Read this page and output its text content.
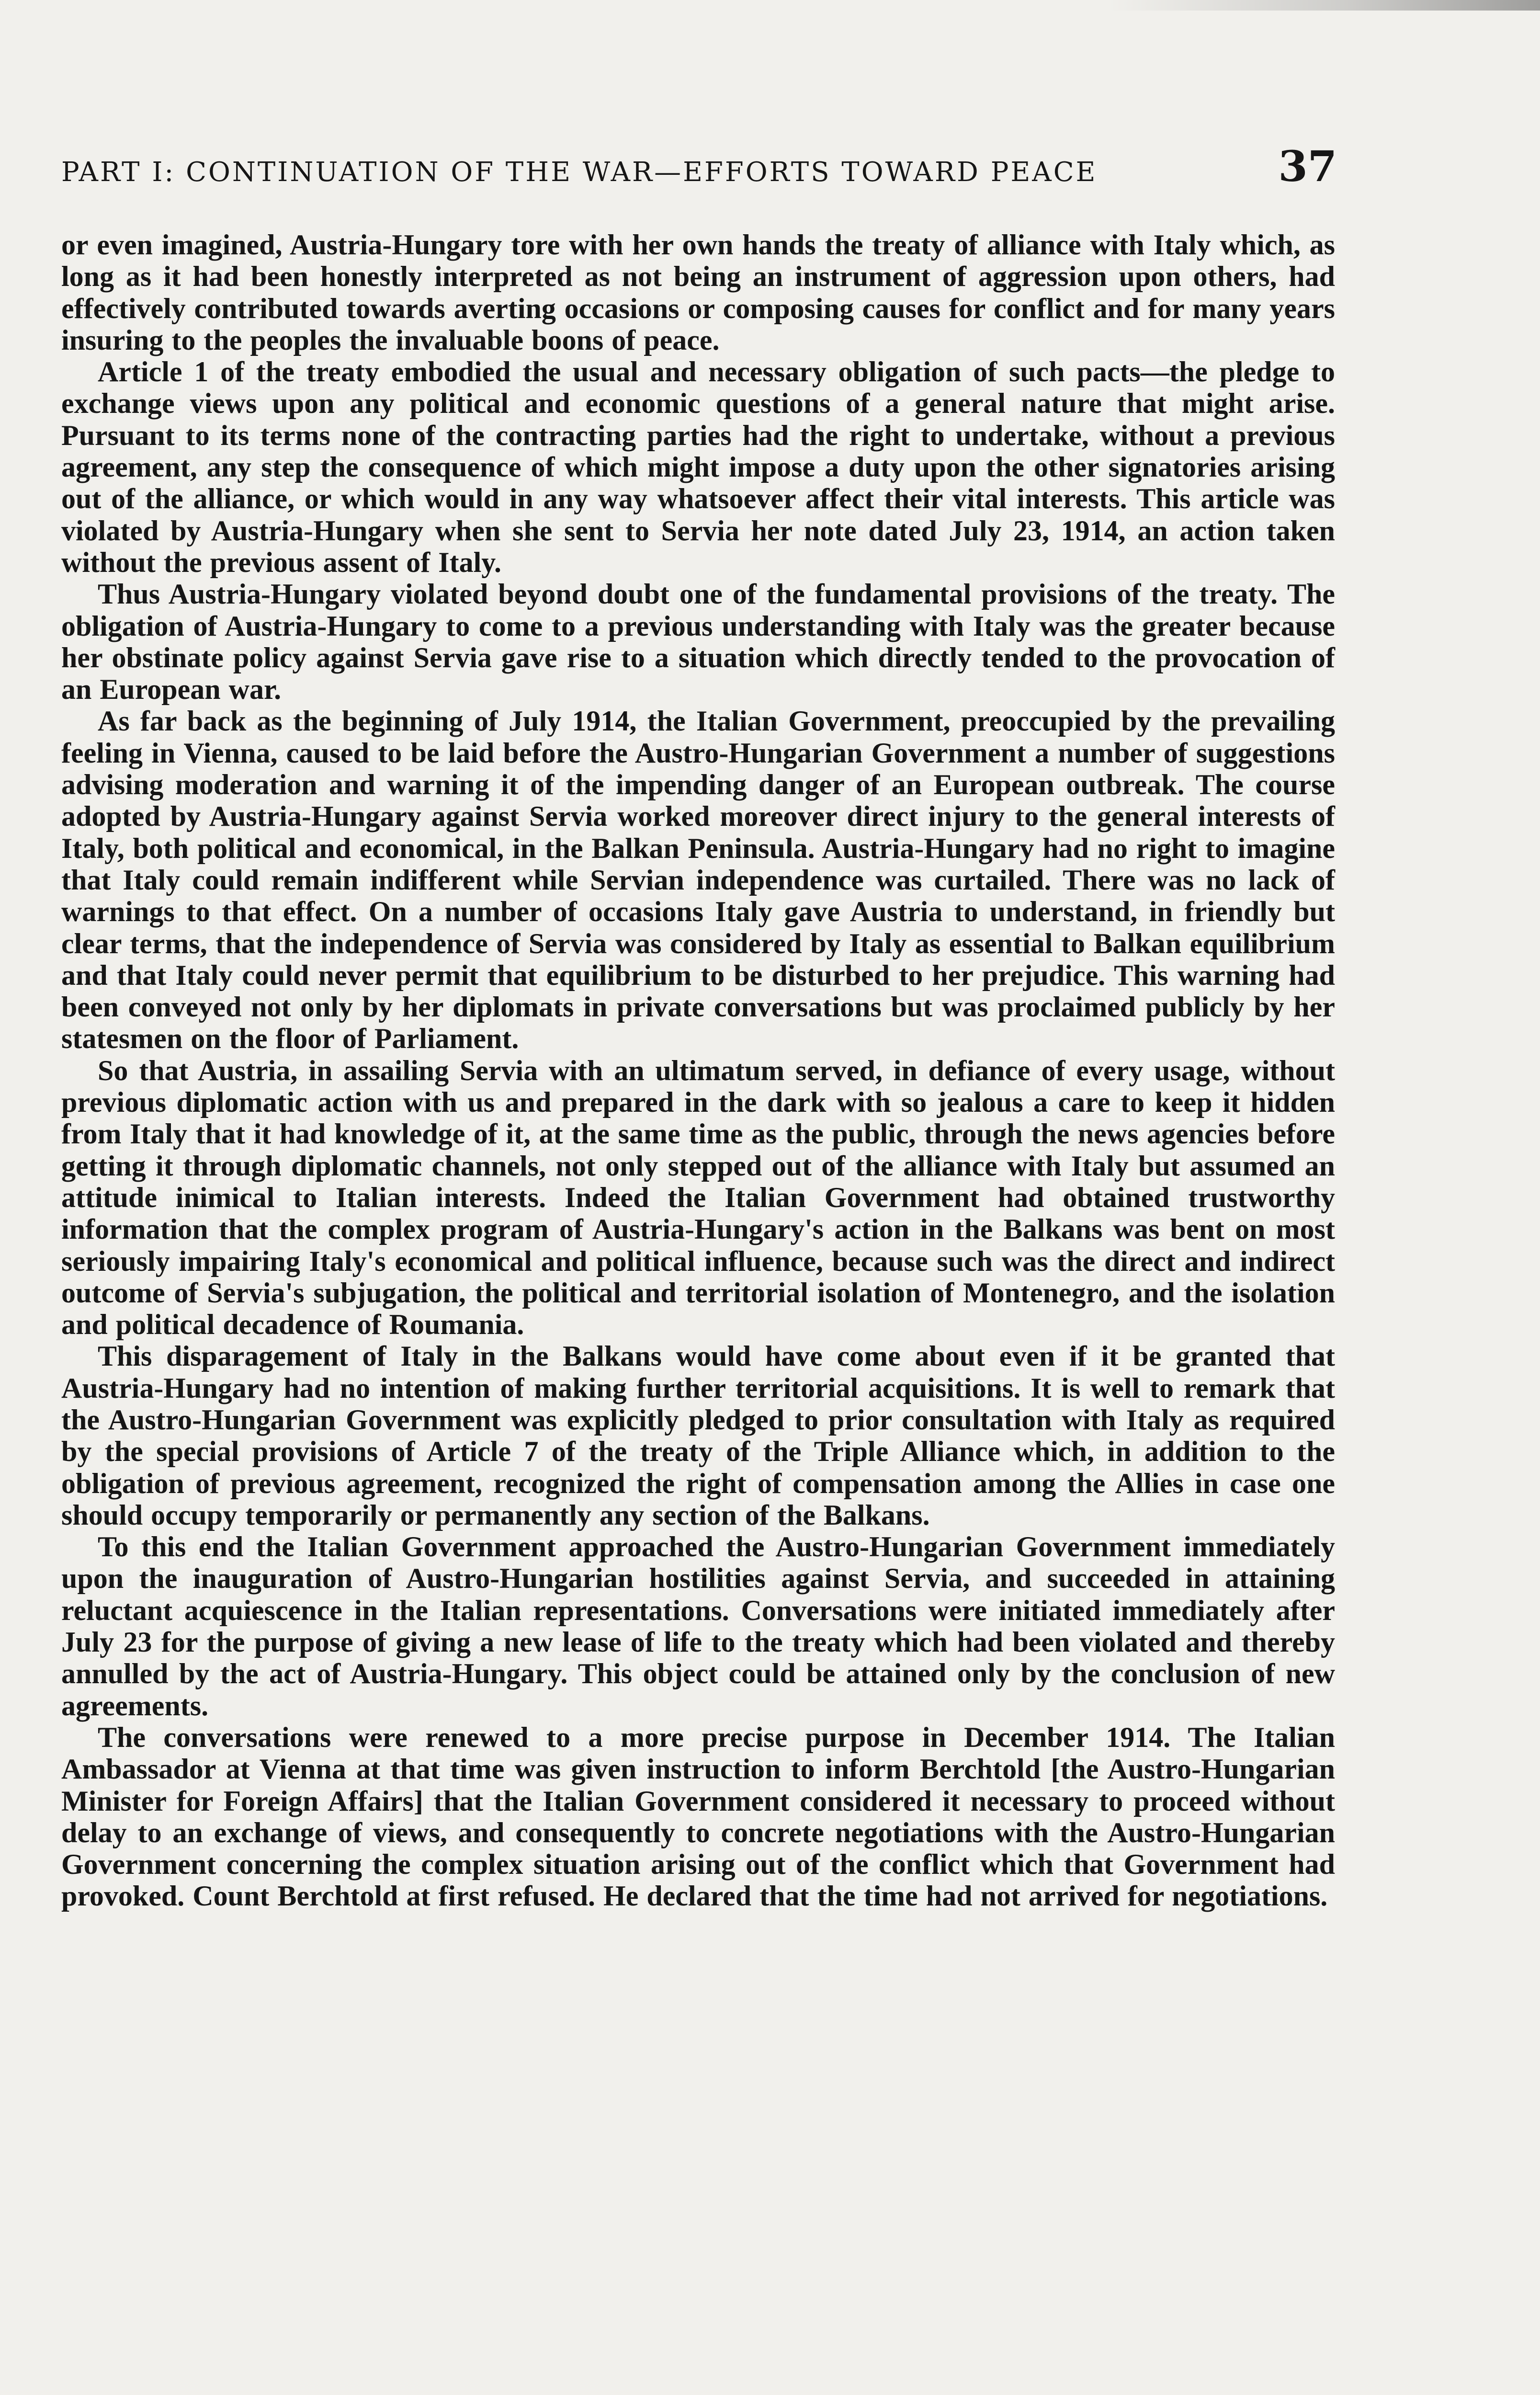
PART I: CONTINUATION OF THE WAR—EFFORTS TOWARD PEACE	37

or even imagined, Austria-Hungary tore with her own hands the treaty of alliance with Italy which, as long as it had been honestly interpreted as not being an instrument of aggression upon others, had effectively contributed towards averting occasions or composing causes for conflict and for many years insuring to the peoples the invaluable boons of peace.

Article 1 of the treaty embodied the usual and necessary obligation of such pacts—the pledge to exchange views upon any political and economic questions of a general nature that might arise. Pursuant to its terms none of the contracting parties had the right to undertake, without a previous agreement, any step the consequence of which might impose a duty upon the other signatories arising out of the alliance, or which would in any way whatsoever affect their vital interests. This article was violated by Austria-Hungary when she sent to Servia her note dated July 23, 1914, an action taken without the previous assent of Italy.

Thus Austria-Hungary violated beyond doubt one of the fundamental provisions of the treaty. The obligation of Austria-Hungary to come to a previous understanding with Italy was the greater because her obstinate policy against Servia gave rise to a situation which directly tended to the provocation of an European war.

As far back as the beginning of July 1914, the Italian Government, preoccupied by the prevailing feeling in Vienna, caused to be laid before the Austro-Hungarian Government a number of suggestions advising moderation and warning it of the impending danger of an European outbreak. The course adopted by Austria-Hungary against Servia worked moreover direct injury to the general interests of Italy, both political and economical, in the Balkan Peninsula. Austria-Hungary had no right to imagine that Italy could remain indifferent while Servian independence was curtailed. There was no lack of warnings to that effect. On a number of occasions Italy gave Austria to understand, in friendly but clear terms, that the independence of Servia was considered by Italy as essential to Balkan equilibrium and that Italy could never permit that equilibrium to be disturbed to her prejudice. This warning had been conveyed not only by her diplomats in private conversations but was proclaimed publicly by her statesmen on the floor of Parliament.

So that Austria, in assailing Servia with an ultimatum served, in defiance of every usage, without previous diplomatic action with us and prepared in the dark with so jealous a care to keep it hidden from Italy that it had knowledge of it, at the same time as the public, through the news agencies before getting it through diplomatic channels, not only stepped out of the alliance with Italy but assumed an attitude inimical to Italian interests. Indeed the Italian Government had obtained trustworthy information that the complex program of Austria-Hungary's action in the Balkans was bent on most seriously impairing Italy's economical and political influence, because such was the direct and indirect outcome of Servia's subjugation, the political and territorial isolation of Montenegro, and the isolation and political decadence of Roumania.

This disparagement of Italy in the Balkans would have come about even if it be granted that Austria-Hungary had no intention of making further territorial acquisitions. It is well to remark that the Austro-Hungarian Government was explicitly pledged to prior consultation with Italy as required by the special provisions of Article 7 of the treaty of the Triple Alliance which, in addition to the obligation of previous agreement, recognized the right of compensation among the Allies in case one should occupy temporarily or permanently any section of the Balkans.

To this end the Italian Government approached the Austro-Hungarian Government immediately upon the inauguration of Austro-Hungarian hostilities against Servia, and succeeded in attaining reluctant acquiescence in the Italian representations. Conversations were initiated immediately after July 23 for the purpose of giving a new lease of life to the treaty which had been violated and thereby annulled by the act of Austria-Hungary. This object could be attained only by the conclusion of new agreements.

The conversations were renewed to a more precise purpose in December 1914. The Italian Ambassador at Vienna at that time was given instruction to inform Berchtold [the Austro-Hungarian Minister for Foreign Affairs] that the Italian Government considered it necessary to proceed without delay to an exchange of views, and consequently to concrete negotiations with the Austro-Hungarian Government concerning the complex situation arising out of the conflict which that Government had provoked. Count Berchtold at first refused. He declared that the time had not arrived for negotiations.
